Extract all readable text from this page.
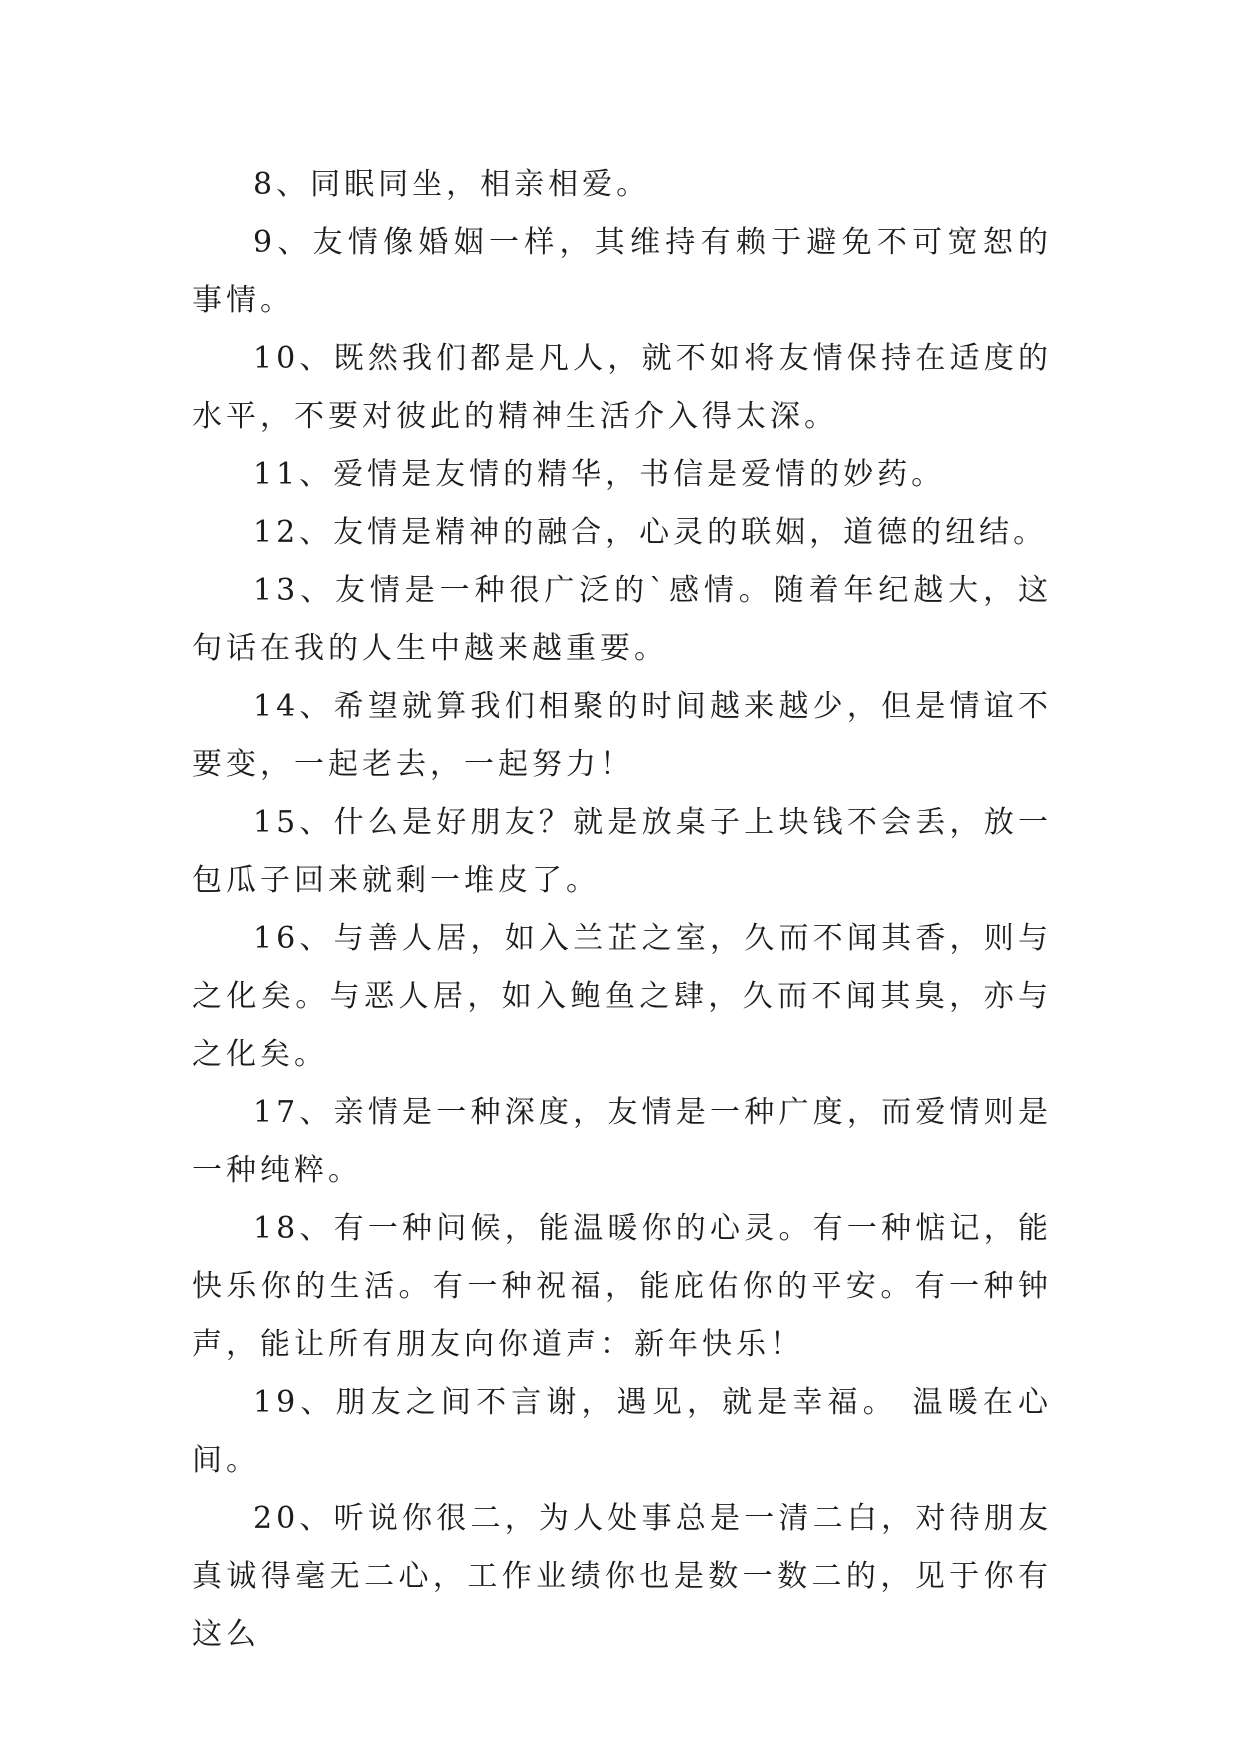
8、同眠同坐，相亲相爱。

9、友情像婚姻一样，其维持有赖于避免不可宽恕的事情。

10、既然我们都是凡人，就不如将友情保持在适度的水平，不要对彼此的精神生活介入得太深。

11、爱情是友情的精华，书信是爱情的妙药。

12、友情是精神的融合，心灵的联姻，道德的纽结。

13、友情是一种很广泛的`感情。随着年纪越大，这句话在我的人生中越来越重要。

14、希望就算我们相聚的时间越来越少，但是情谊不要变，一起老去，一起努力！

15、什么是好朋友？就是放桌子上块钱不会丢，放一包瓜子回来就剩一堆皮了。

16、与善人居，如入兰芷之室，久而不闻其香，则与之化矣。与恶人居，如入鲍鱼之肆，久而不闻其臭，亦与之化矣。

17、亲情是一种深度，友情是一种广度，而爱情则是一种纯粹。

18、有一种问候，能温暖你的心灵。有一种惦记，能快乐你的生活。有一种祝福，能庇佑你的平安。有一种钟声，能让所有朋友向你道声：新年快乐！

19、朋友之间不言谢，遇见，就是幸福。 温暖在心间。

20、听说你很二，为人处事总是一清二白，对待朋友真诚得毫无二心，工作业绩你也是数一数二的，见于你有这么
